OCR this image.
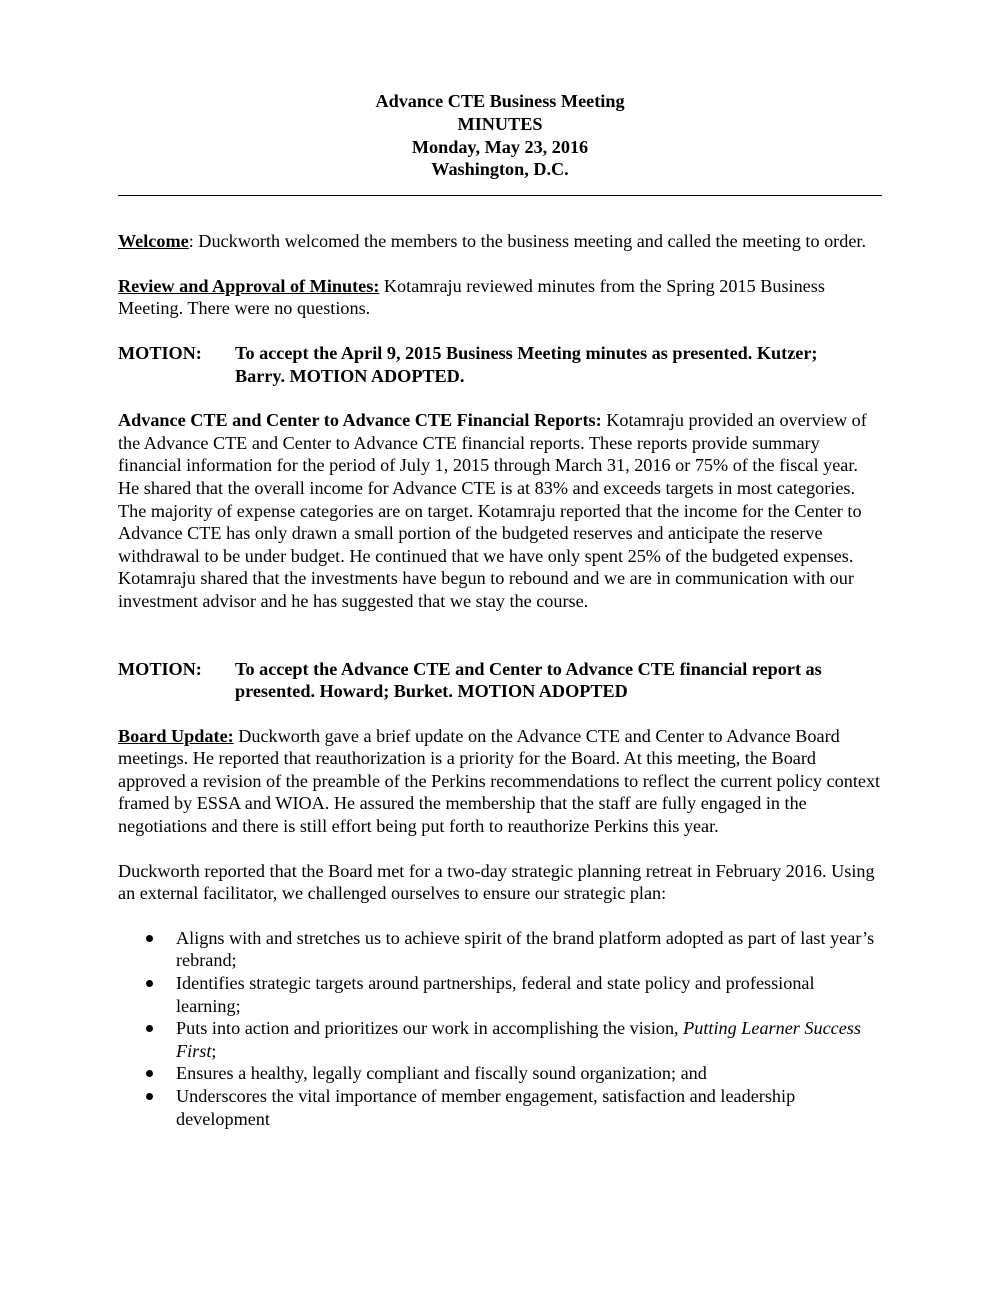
Advance CTE Business Meeting
MINUTES
Monday, May 23, 2016
Washington, D.C.

Welcome: Duckworth welcomed the members to the business meeting and called the meeting to order.

Review and Approval of Minutes: Kotamraju reviewed minutes from the Spring 2015 Business Meeting. There were no questions.

MOTION:	To accept the April 9, 2015 Business Meeting minutes as presented. Kutzer; Barry. MOTION ADOPTED.

Advance CTE and Center to Advance CTE Financial Reports: Kotamraju provided an overview of the Advance CTE and Center to Advance CTE financial reports. These reports provide summary financial information for the period of July 1, 2015 through March 31, 2016 or 75% of the fiscal year. He shared that the overall income for Advance CTE is at 83% and exceeds targets in most categories. The majority of expense categories are on target. Kotamraju reported that the income for the Center to Advance CTE has only drawn a small portion of the budgeted reserves and anticipate the reserve withdrawal to be under budget. He continued that we have only spent 25% of the budgeted expenses. Kotamraju shared that the investments have begun to rebound and we are in communication with our investment advisor and he has suggested that we stay the course.

MOTION:	To accept the Advance CTE and Center to Advance CTE financial report as presented. Howard; Burket. MOTION ADOPTED

Board Update: Duckworth gave a brief update on the Advance CTE and Center to Advance Board meetings. He reported that reauthorization is a priority for the Board. At this meeting, the Board approved a revision of the preamble of the Perkins recommendations to reflect the current policy context framed by ESSA and WIOA. He assured the membership that the staff are fully engaged in the negotiations and there is still effort being put forth to reauthorize Perkins this year.

Duckworth reported that the Board met for a two-day strategic planning retreat in February 2016. Using an external facilitator, we challenged ourselves to ensure our strategic plan:

Aligns with and stretches us to achieve spirit of the brand platform adopted as part of last year’s rebrand;
Identifies strategic targets around partnerships, federal and state policy and professional learning;
Puts into action and prioritizes our work in accomplishing the vision, Putting Learner Success First;
Ensures a healthy, legally compliant and fiscally sound organization; and
Underscores the vital importance of member engagement, satisfaction and leadership development
